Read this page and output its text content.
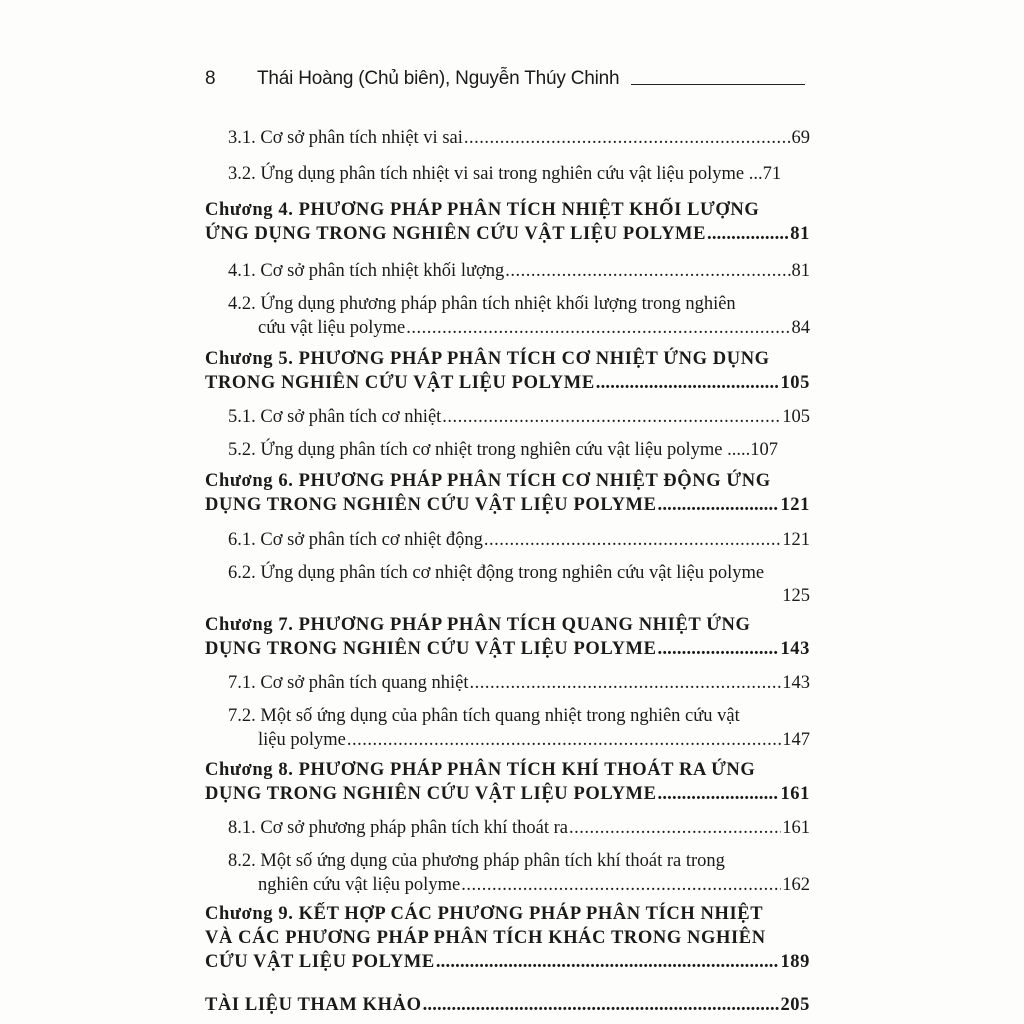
8	Thái Hoàng (Chủ biên), Nguyễn Thúy Chinh
3.1. Cơ sở phân tích nhiệt vi sai .....	69
3.2. Ứng dụng phân tích nhiệt vi sai trong nghiên cứu vật liệu polyme ... 71
Chương 4. PHƯƠNG PHÁP PHÂN TÍCH NHIỆT KHỐI LƯỢNG
ỨNG DỤNG TRONG NGHIÊN CỨU VẬT LIỆU POLYME .....	81
4.1. Cơ sở phân tích nhiệt khối lượng .....	81
4.2. Ứng dụng phương pháp phân tích nhiệt khối lượng trong nghiên
cứu vật liệu polyme .....	84
Chương 5. PHƯƠNG PHÁP PHÂN TÍCH CƠ NHIỆT ỨNG DỤNG
TRONG NGHIÊN CỨU VẬT LIỆU POLYME .....	105
5.1. Cơ sở phân tích cơ nhiệt .....	105
5.2. Ứng dụng phân tích cơ nhiệt trong nghiên cứu vật liệu polyme ..... 107
Chương 6. PHƯƠNG PHÁP PHÂN TÍCH CƠ NHIỆT ĐỘNG ỨNG
DỤNG TRONG NGHIÊN CỨU VẬT LIỆU POLYME .....	121
6.1. Cơ sở phân tích cơ nhiệt động .....	121
6.2. Ứng dụng phân tích cơ nhiệt động trong nghiên cứu vật liệu polyme
125
Chương 7. PHƯƠNG PHÁP PHÂN TÍCH QUANG NHIỆT ỨNG
DỤNG TRONG NGHIÊN CỨU VẬT LIỆU POLYME .....	143
7.1. Cơ sở phân tích quang nhiệt .....	143
7.2. Một số ứng dụng của phân tích quang nhiệt trong nghiên cứu vật
liệu polyme .....	147
Chương 8. PHƯƠNG PHÁP PHÂN TÍCH KHÍ THOÁT RA ỨNG
DỤNG TRONG NGHIÊN CỨU VẬT LIỆU POLYME .....	161
8.1. Cơ sở phương pháp phân tích khí thoát ra .....	161
8.2. Một số ứng dụng của phương pháp phân tích khí thoát ra trong
nghiên cứu vật liệu polyme .....	162
Chương 9. KẾT HỢP CÁC PHƯƠNG PHÁP PHÂN TÍCH NHIỆT
VÀ CÁC PHƯƠNG PHÁP PHÂN TÍCH KHÁC TRONG NGHIÊN
CỨU VẬT LIỆU POLYME .....	189
TÀI LIỆU THAM KHẢO .....	205
